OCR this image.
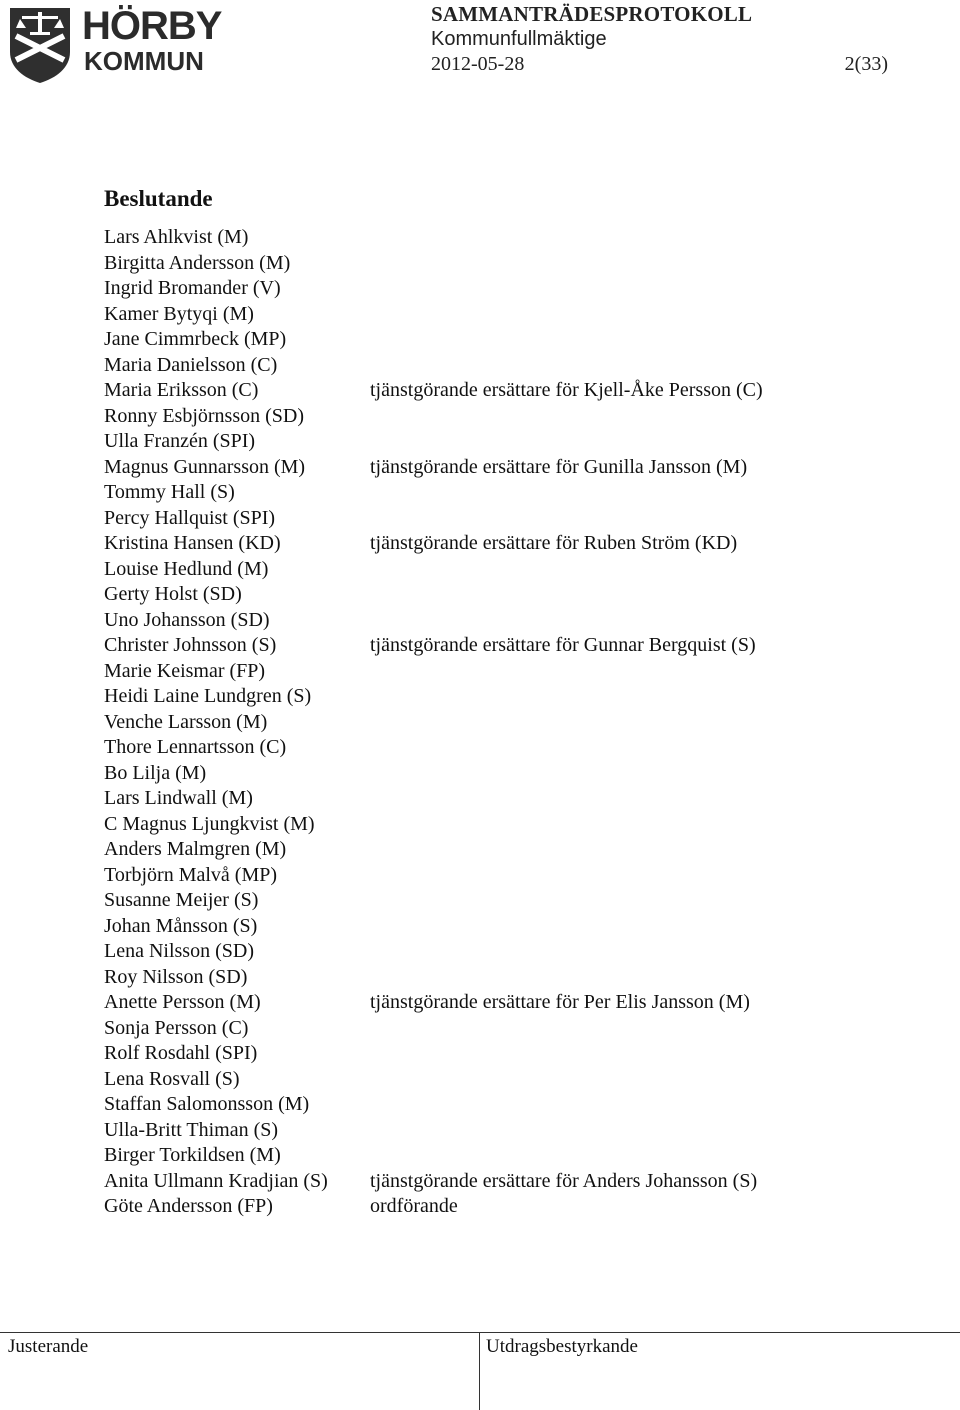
HÖRBY
KOMMUN
SAMMANTRÄDESPROTOKOLL
Kommunfullmäktige
2012-05-28	2(33)
Beslutande
Lars Ahlkvist (M)
Birgitta Andersson (M)
Ingrid Bromander (V)
Kamer Bytyqi (M)
Jane Cimmrbeck (MP)
Maria Danielsson (C)
Maria Eriksson (C)	tjänstgörande ersättare för Kjell-Åke Persson (C)
Ronny Esbjörnsson (SD)
Ulla Franzén (SPI)
Magnus Gunnarsson (M)	tjänstgörande ersättare för Gunilla Jansson (M)
Tommy Hall (S)
Percy Hallquist (SPI)
Kristina Hansen (KD)	tjänstgörande ersättare för Ruben Ström (KD)
Louise Hedlund (M)
Gerty Holst (SD)
Uno Johansson (SD)
Christer Johnsson (S)	tjänstgörande ersättare för Gunnar Bergquist (S)
Marie Keismar (FP)
Heidi Laine Lundgren (S)
Venche Larsson (M)
Thore Lennartsson (C)
Bo Lilja (M)
Lars Lindwall (M)
C Magnus Ljungkvist (M)
Anders Malmgren (M)
Torbjörn Malvå (MP)
Susanne Meijer (S)
Johan Månsson (S)
Lena Nilsson (SD)
Roy Nilsson (SD)
Anette Persson (M)	tjänstgörande ersättare för Per Elis Jansson (M)
Sonja Persson (C)
Rolf Rosdahl (SPI)
Lena Rosvall (S)
Staffan Salomonsson (M)
Ulla-Britt Thiman (S)
Birger Torkildsen (M)
Anita Ullmann Kradjian (S) tjänstgörande ersättare för Anders Johansson (S)
Göte Andersson (FP)	ordförande
Justerande	Utdragsbestyrkande
